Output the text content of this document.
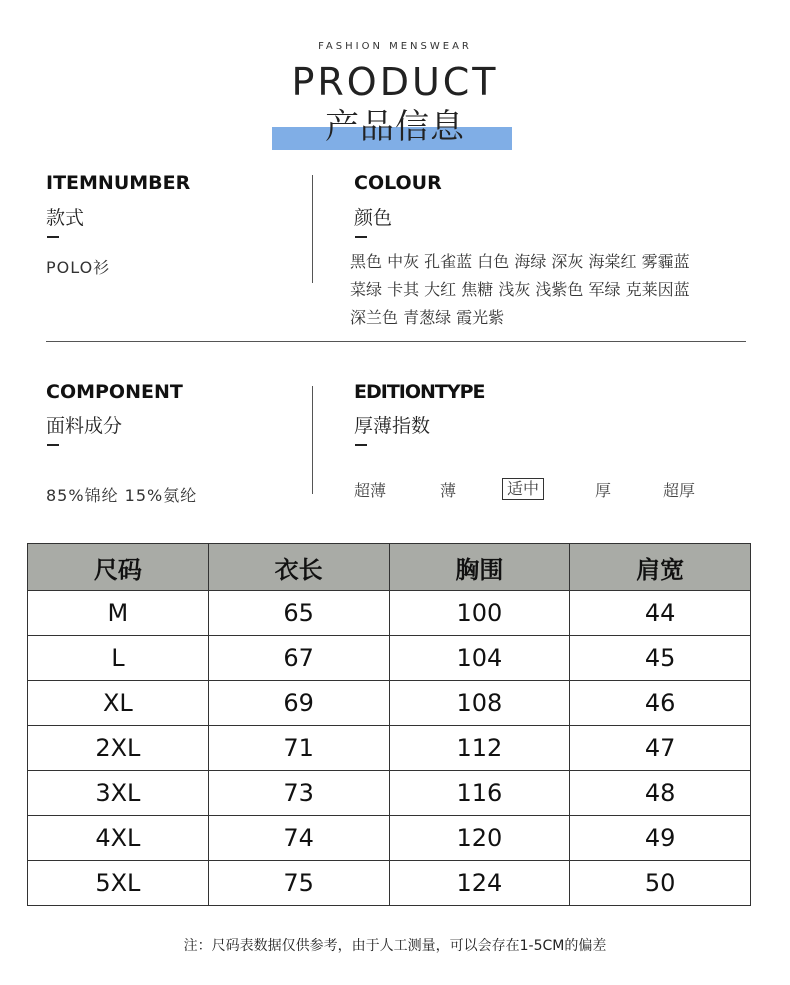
FASHION MENSWEAR
PRODUCT
产品信息
ITEMNUMBER
款式
POLO衫
COLOUR
颜色
黑色 中灰 孔雀蓝 白色 海绿 深灰 海棠红 雾霾蓝
菜绿 卡其 大红 焦糖 浅灰 浅紫色 军绿 克莱因蓝
深兰色 青葱绿 霞光紫
COMPONENT
面料成分
85%锦纶 15%氨纶
EDITIONTYPE
厚薄指数
超薄	薄	适中	厚	超厚
尺码	衣长	胸围	肩宽
M	65	100	44
L	67	104	45
XL	69	108	46
2XL	71	112	47
3XL	73	116	48
4XL	74	120	49
5XL	75	124	50
注：尺码表数据仅供参考，由于人工测量，可以会存在1-5CM的偏差
